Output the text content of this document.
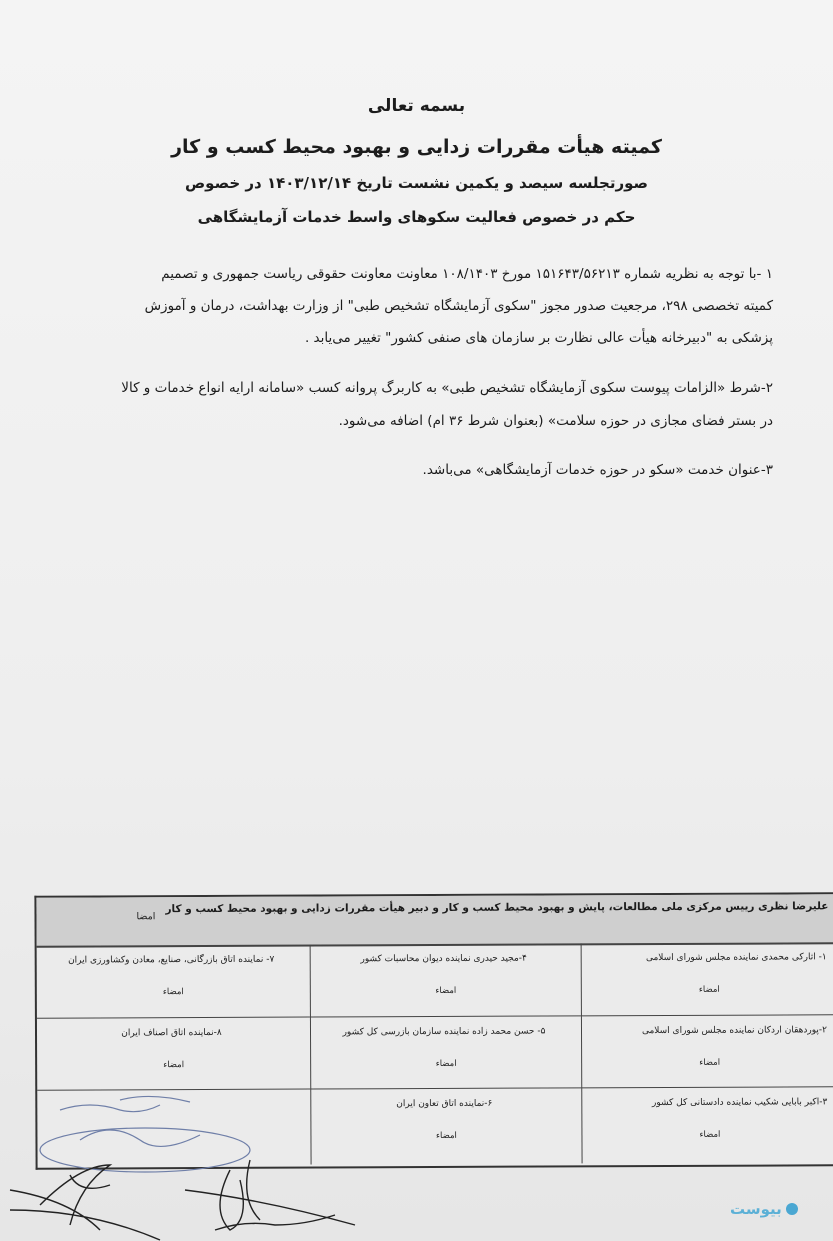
بسمه تعالی
کمیته هیأت مقررات زدایی و بهبود محیط کسب و کار
صورتجلسه سیصد و یکمین نشست تاریخ ۱۴۰۳/۱۲/۱۴ در خصوص
حکم در خصوص فعالیت سکوهای واسط خدمات آزمایشگاهی
۱ -با توجه به نظریه شماره ۱۵۱۶۴۳/۵۶۲۱۳ مورخ ۱۰۸/۱۴۰۳ معاونت معاونت حقوقی ریاست جمهوری و تصمیم
کمیته تخصصی ۲۹۸، مرجعیت صدور مجوز "سکوی آزمایشگاه تشخیص طبی" از وزارت بهداشت، درمان و آموزش
پزشکی به "دبیرخانه هیأت عالی نظارت بر سازمان های صنفی کشور" تغییر می‌یابد .
۲-شرط «الزامات پیوست سکوی آزمایشگاه تشخیص طبی» به کاربرگ پروانه کسب «سامانه ارایه انواع خدمات و کالا
در بستر فضای مجازی در حوزه سلامت» (بعنوان شرط ۳۶ ام) اضافه می‌شود.
۳-عنوان خدمت «سکو در حوزه خدمات آزمایشگاهی» می‌باشد.
علیرضا نظری رییس مرکزی ملی مطالعات، پایش و بهبود محیط کسب و کار و دبیر هیأت مقررات زدایی و بهبود محیط کسب و کار
امضا
۱- اثارکی محمدی نماینده مجلس شورای اسلامی
امضاء
۲-پوردهقان اردکان نماینده مجلس شورای اسلامی
امضاء
۳-اکبر بابایی شکیب نماینده دادستانی کل کشور
امضاء
۴-مجید حیدری نماینده دیوان محاسبات کشور
امضاء
۵- حسن محمد زاده نماینده سازمان بازرسی کل کشور
امضاء
۶-نماینده اتاق تعاون ایران
امضاء
۷- نماینده اتاق بازرگانی، صنایع، معادن وکشاورزی ایران
امضاء
۸-نماینده اتاق اصناف ایران
امضاء
بیوست
